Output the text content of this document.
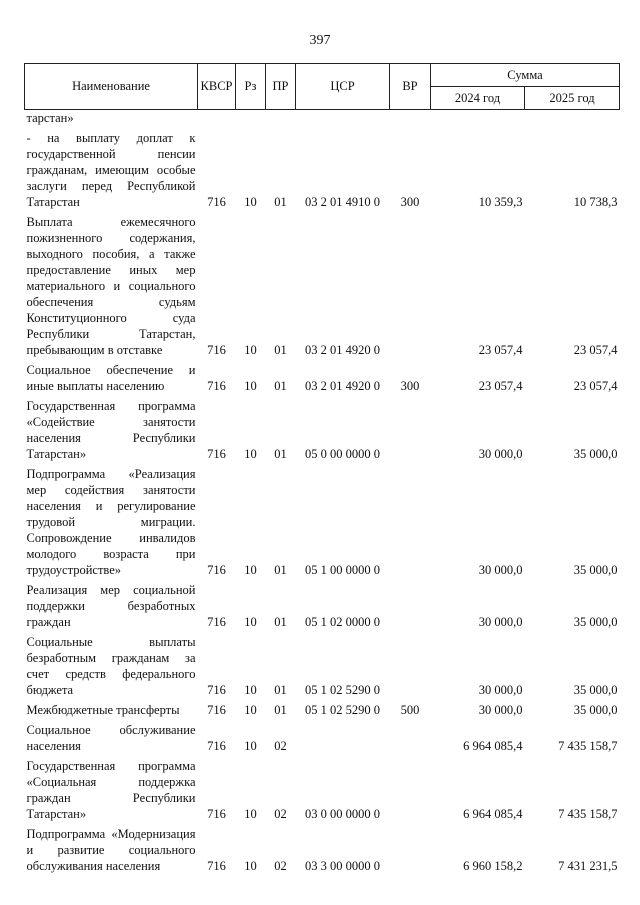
397
Наименование	КВСР	Рз	ПР	ЦСР	ВР	Сумма	
						2024 год	2025 год
тарстан»							

- на выплату доплат к государственной пенсии гражданам, имеющим особые заслуги перед Республикой Татарстан	716	10	01	03 2 01 4910 0	300	10 359,3	10 738,3

Выплата ежемесячного пожизненного содержания, выходного пособия, а также предоставление иных мер материального и социального обеспечения судьям Конституционного суда Республики Татарстан, пребывающим в отставке	716	10	01	03 2 01 4920 0		23 057,4	23 057,4

Социальное обеспечение и иные выплаты населению	716	10	01	03 2 01 4920 0	300	23 057,4	23 057,4

Государственная программа «Содействие занятости населения Республики Татарстан»	716	10	01	05 0 00 0000 0		30 000,0	35 000,0

Подпрограмма «Реализация мер содействия занятости населения и регулирование трудовой миграции. Сопровождение инвалидов молодого возраста при трудоустройстве»	716	10	01	05 1 00 0000 0		30 000,0	35 000,0

Реализация мер социальной поддержки безработных граждан	716	10	01	05 1 02 0000 0		30 000,0	35 000,0

Социальные выплаты безработным гражданам за счет средств федерального бюджета	716	10	01	05 1 02 5290 0		30 000,0	35 000,0

Межбюджетные трансферты	716	10	01	05 1 02 5290 0	500	30 000,0	35 000,0

Социальное обслуживание населения	716	10	02			6 964 085,4	7 435 158,7

Государственная программа «Социальная поддержка граждан Республики Татарстан»	716	10	02	03 0 00 0000 0		6 964 085,4	7 435 158,7

Подпрограмма «Модернизация и развитие социального обслуживания населения	716	10	02	03 3 00 0000 0		6 960 158,2	7 431 231,5
